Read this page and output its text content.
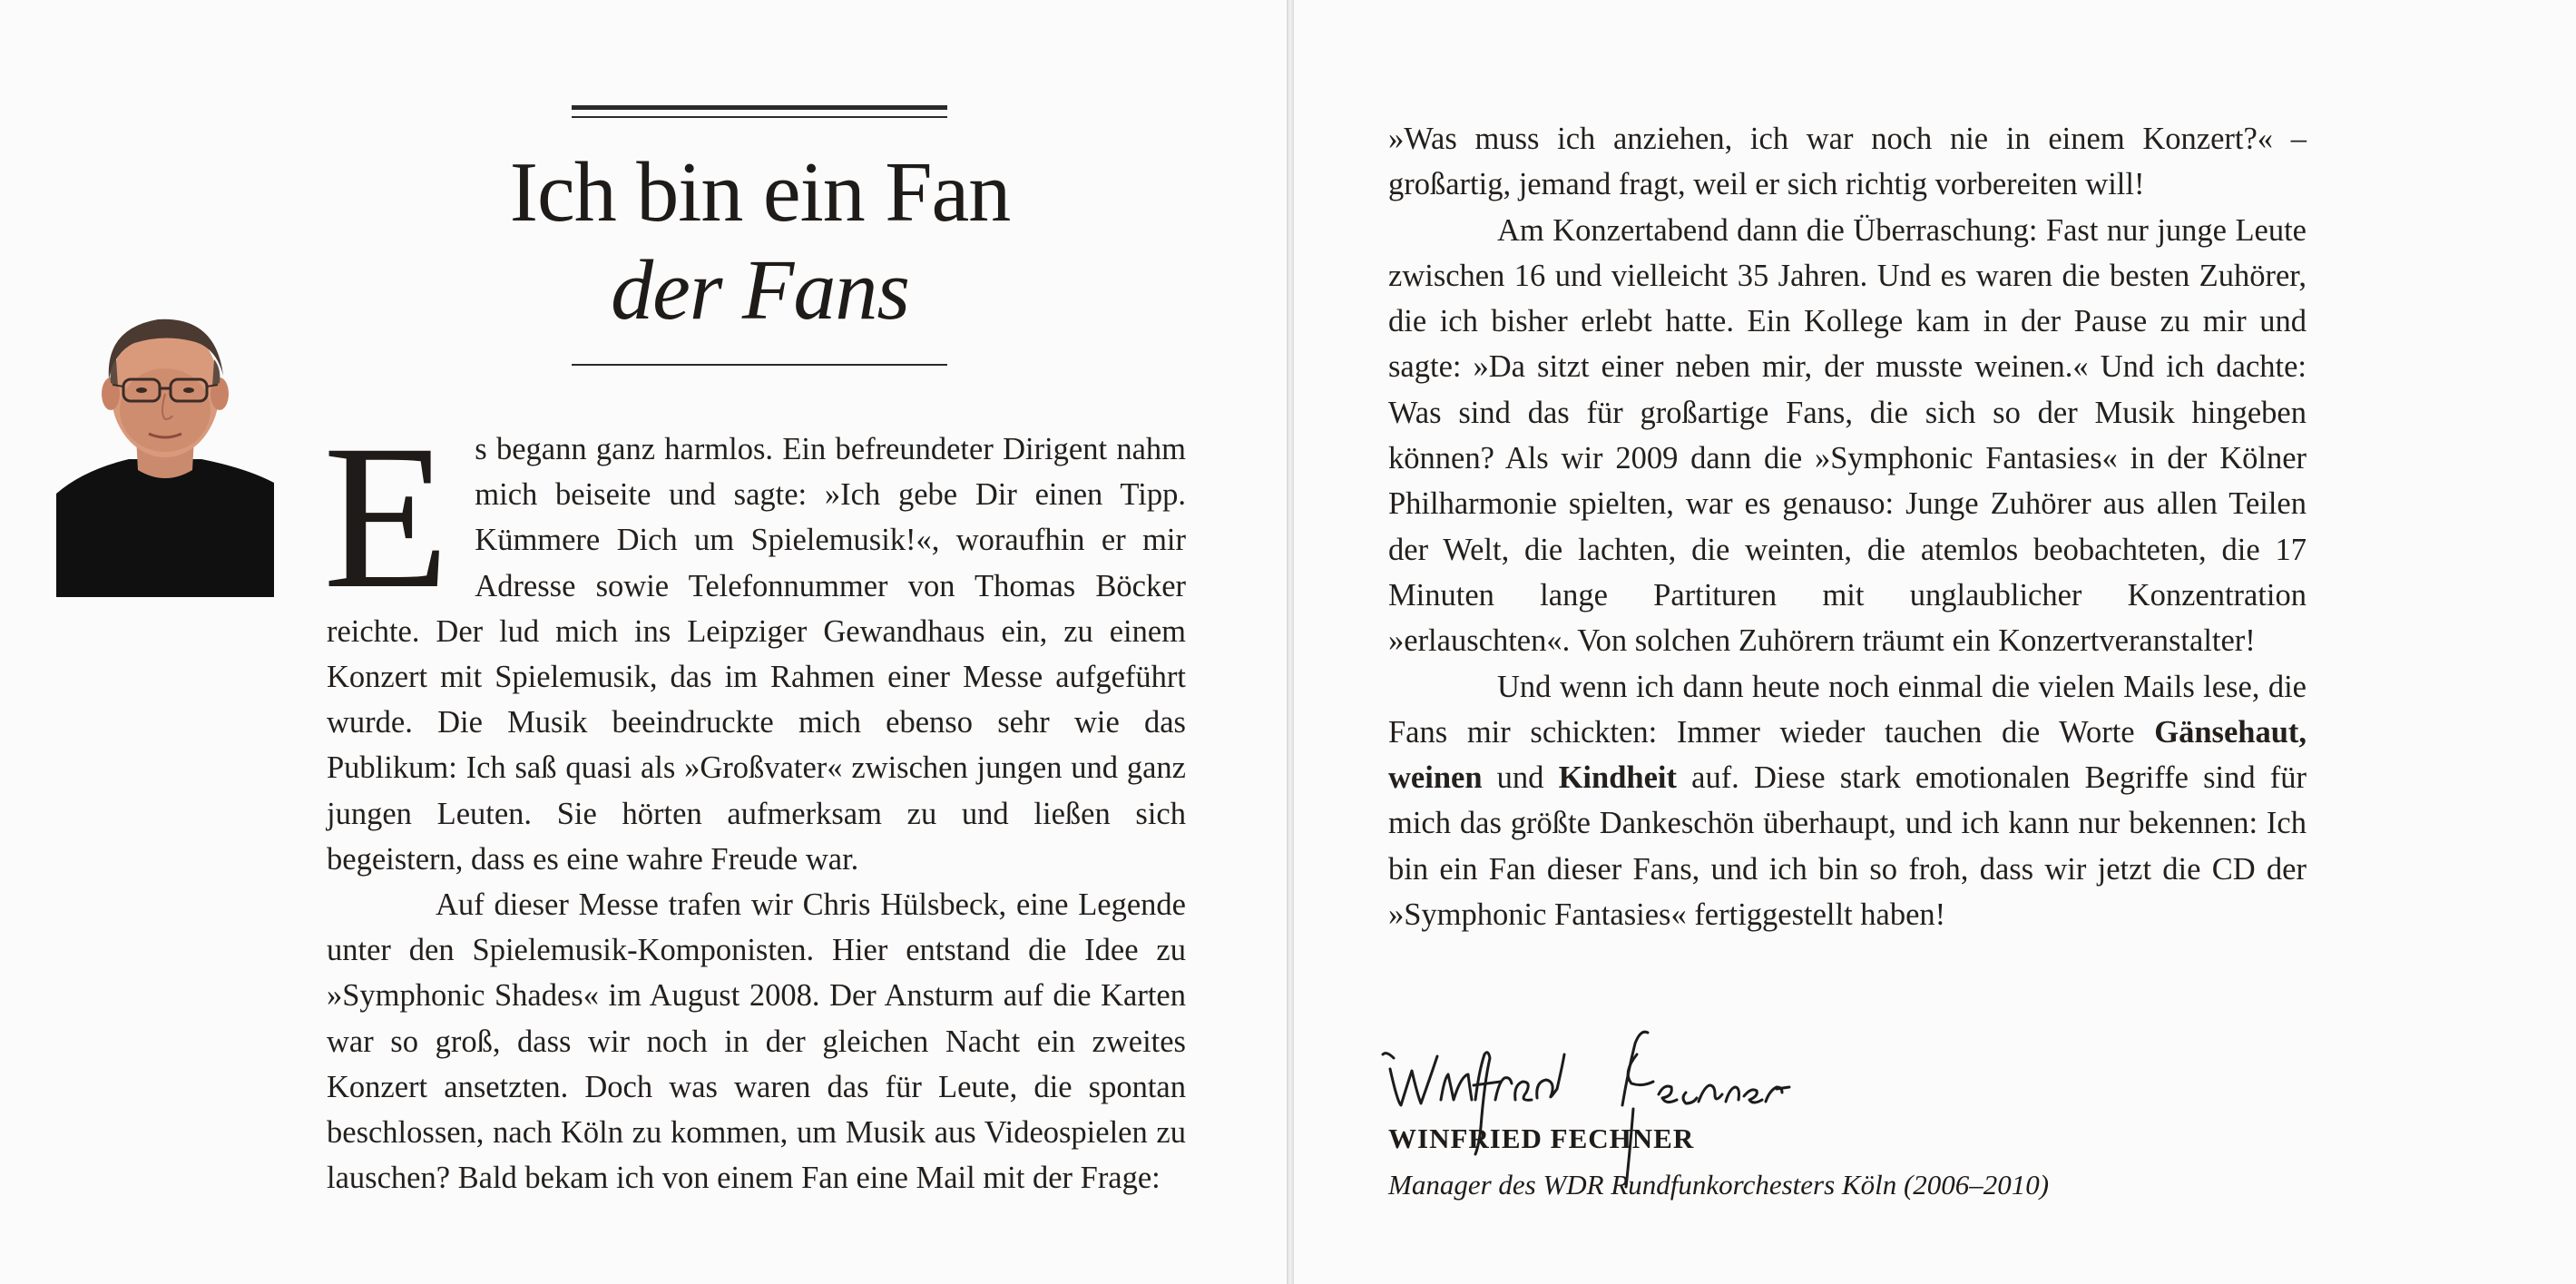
Ich bin ein Fan
der Fans

Es begann ganz harmlos. Ein befreundeter Dirigent nahm mich beiseite und sagte: »Ich gebe Dir einen Tipp. Kümmere Dich um Spielemusik!«, woraufhin er mir Adresse sowie Telefonnummer von Thomas Böcker reichte. Der lud mich ins Leipziger Gewandhaus ein, zu einem Konzert mit Spielemusik, das im Rahmen einer Messe aufgeführt wurde. Die Musik beeindruckte mich ebenso sehr wie das Publikum: Ich saß quasi als »Großvater« zwischen jungen und ganz jungen Leuten. Sie hörten aufmerksam zu und ließen sich begeistern, dass es eine wahre Freude war.

Auf dieser Messe trafen wir Chris Hülsbeck, eine Legende unter den Spielemusik-Komponisten. Hier entstand die Idee zu »Symphonic Shades« im August 2008. Der Ansturm auf die Karten war so groß, dass wir noch in der gleichen Nacht ein zweites Konzert ansetzten. Doch was waren das für Leute, die spontan beschlossen, nach Köln zu kommen, um Musik aus Videospielen zu lauschen? Bald bekam ich von einem Fan eine Mail mit der Frage:

»Was muss ich anziehen, ich war noch nie in einem Konzert?« – großartig, jemand fragt, weil er sich richtig vorbereiten will!

Am Konzertabend dann die Überraschung: Fast nur junge Leute zwischen 16 und vielleicht 35 Jahren. Und es waren die besten Zuhörer, die ich bisher erlebt hatte. Ein Kollege kam in der Pause zu mir und sagte: »Da sitzt einer neben mir, der musste weinen.« Und ich dachte: Was sind das für großartige Fans, die sich so der Musik hingeben können? Als wir 2009 dann die »Symphonic Fantasies« in der Kölner Philharmonie spielten, war es genauso: Junge Zuhörer aus allen Teilen der Welt, die lachten, die weinten, die atemlos beobachteten, die 17 Minuten lange Partituren mit unglaublicher Konzentration »erlauschten«. Von solchen Zuhörern träumt ein Konzertveranstalter!

Und wenn ich dann heute noch einmal die vielen Mails lese, die Fans mir schickten: Immer wieder tauchen die Worte Gänsehaut, weinen und Kindheit auf. Diese stark emotionalen Begriffe sind für mich das größte Dankeschön überhaupt, und ich kann nur bekennen: Ich bin ein Fan dieser Fans, und ich bin so froh, dass wir jetzt die CD der »Symphonic Fantasies« fertiggestellt haben!

WINFRIED FECHNER

Manager des WDR Rundfunkorchesters Köln (2006–2010)
